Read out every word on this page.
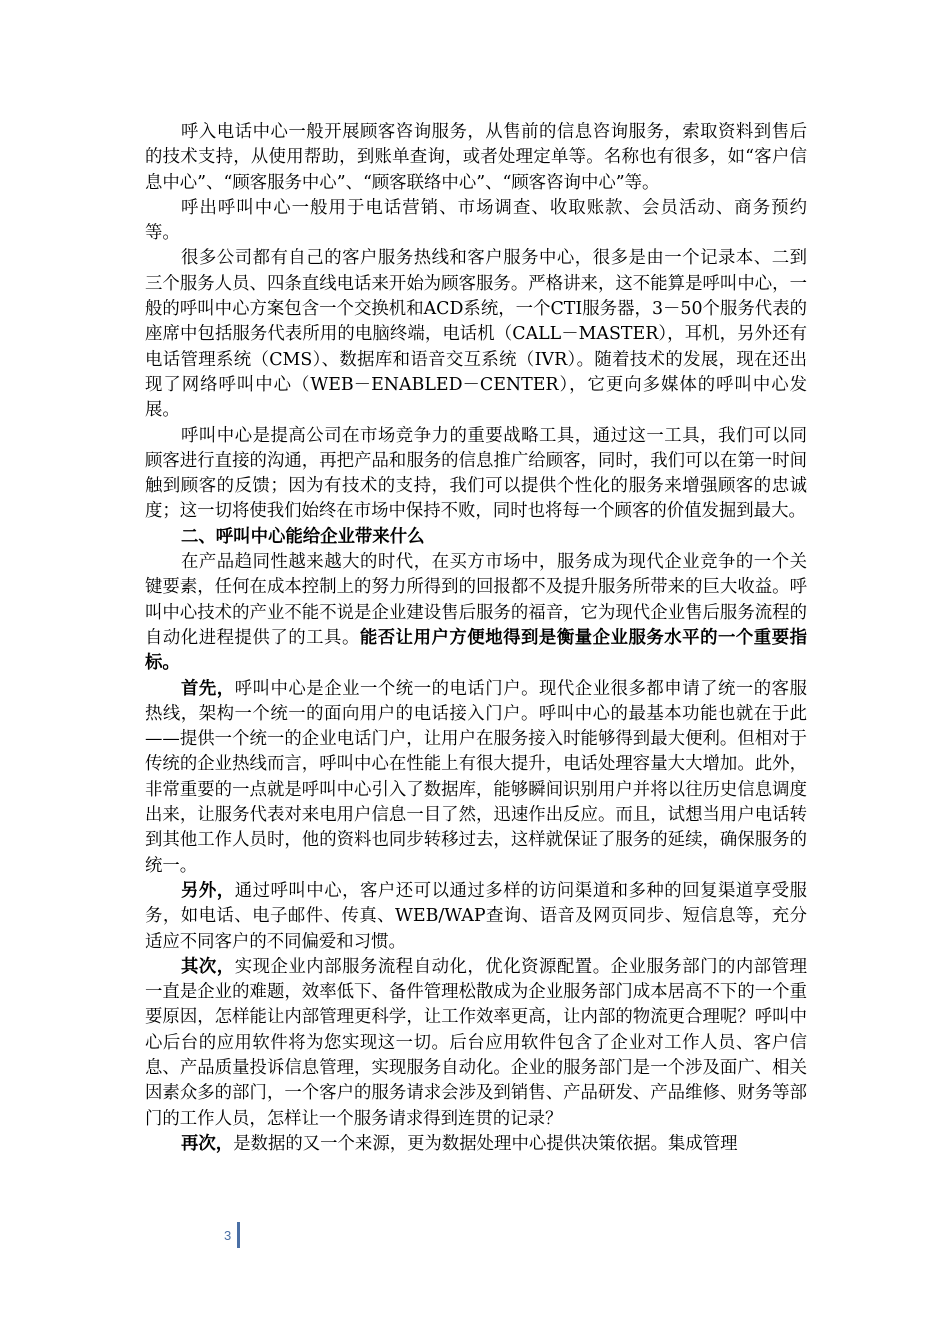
呼入电话中心一般开展顾客咨询服务，从售前的信息咨询服务，索取资料到售后的技术支持，从使用帮助，到账单查询，或者处理定单等。名称也有很多，如“客户信息中心”、“顾客服务中心”、“顾客联络中心”、“顾客咨询中心”等。

呼出呼叫中心一般用于电话营销、市场调查、收取账款、会员活动、商务预约等。

很多公司都有自己的客户服务热线和客户服务中心，很多是由一个记录本、二到三个服务人员、四条直线电话来开始为顾客服务。严格讲来，这不能算是呼叫中心，一般的呼叫中心方案包含一个交换机和ACD系统，一个CTI服务器，3－50个服务代表的座席中包括服务代表所用的电脑终端，电话机（CALL－MASTER），耳机，另外还有电话管理系统（CMS）、数据库和语音交互系统（IVR）。随着技术的发展，现在还出现了网络呼叫中心（WEB－ENABLED－CENTER），它更向多媒体的呼叫中心发展。

呼叫中心是提高公司在市场竞争力的重要战略工具，通过这一工具，我们可以同顾客进行直接的沟通，再把产品和服务的信息推广给顾客，同时，我们可以在第一时间触到顾客的反馈；因为有技术的支持，我们可以提供个性化的服务来增强顾客的忠诚度；这一切将使我们始终在市场中保持不败，同时也将每一个顾客的价值发掘到最大。

二、呼叫中心能给企业带来什么

在产品趋同性越来越大的时代，在买方市场中，服务成为现代企业竞争的一个关键要素，任何在成本控制上的努力所得到的回报都不及提升服务所带来的巨大收益。呼叫中心技术的产业不能不说是企业建设售后服务的福音，它为现代企业售后服务流程的自动化进程提供了的工具。能否让用户方便地得到是衡量企业服务水平的一个重要指标。

首先，呼叫中心是企业一个统一的电话门户。现代企业很多都申请了统一的客服热线，架构一个统一的面向用户的电话接入门户。呼叫中心的最基本功能也就在于此——提供一个统一的企业电话门户，让用户在服务接入时能够得到最大便利。但相对于传统的企业热线而言，呼叫中心在性能上有很大提升，电话处理容量大大增加。此外，非常重要的一点就是呼叫中心引入了数据库，能够瞬间识别用户并将以往历史信息调度出来，让服务代表对来电用户信息一目了然，迅速作出反应。而且，试想当用户电话转到其他工作人员时，他的资料也同步转移过去，这样就保证了服务的延续，确保服务的统一。

另外，通过呼叫中心，客户还可以通过多样的访问渠道和多种的回复渠道享受服务，如电话、电子邮件、传真、WEB/WAP查询、语音及网页同步、短信息等，充分适应不同客户的不同偏爱和习惯。

其次，实现企业内部服务流程自动化，优化资源配置。企业服务部门的内部管理一直是企业的难题，效率低下、备件管理松散成为企业服务部门成本居高不下的一个重要原因，怎样能让内部管理更科学，让工作效率更高，让内部的物流更合理呢？呼叫中心后台的应用软件将为您实现这一切。后台应用软件包含了企业对工作人员、客户信息、产品质量投诉信息管理，实现服务自动化。企业的服务部门是一个涉及面广、相关因素众多的部门，一个客户的服务请求会涉及到销售、产品研发、产品维修、财务等部门的工作人员，怎样让一个服务请求得到连贯的记录？

再次，是数据的又一个来源，更为数据处理中心提供决策依据。集成管理

3
